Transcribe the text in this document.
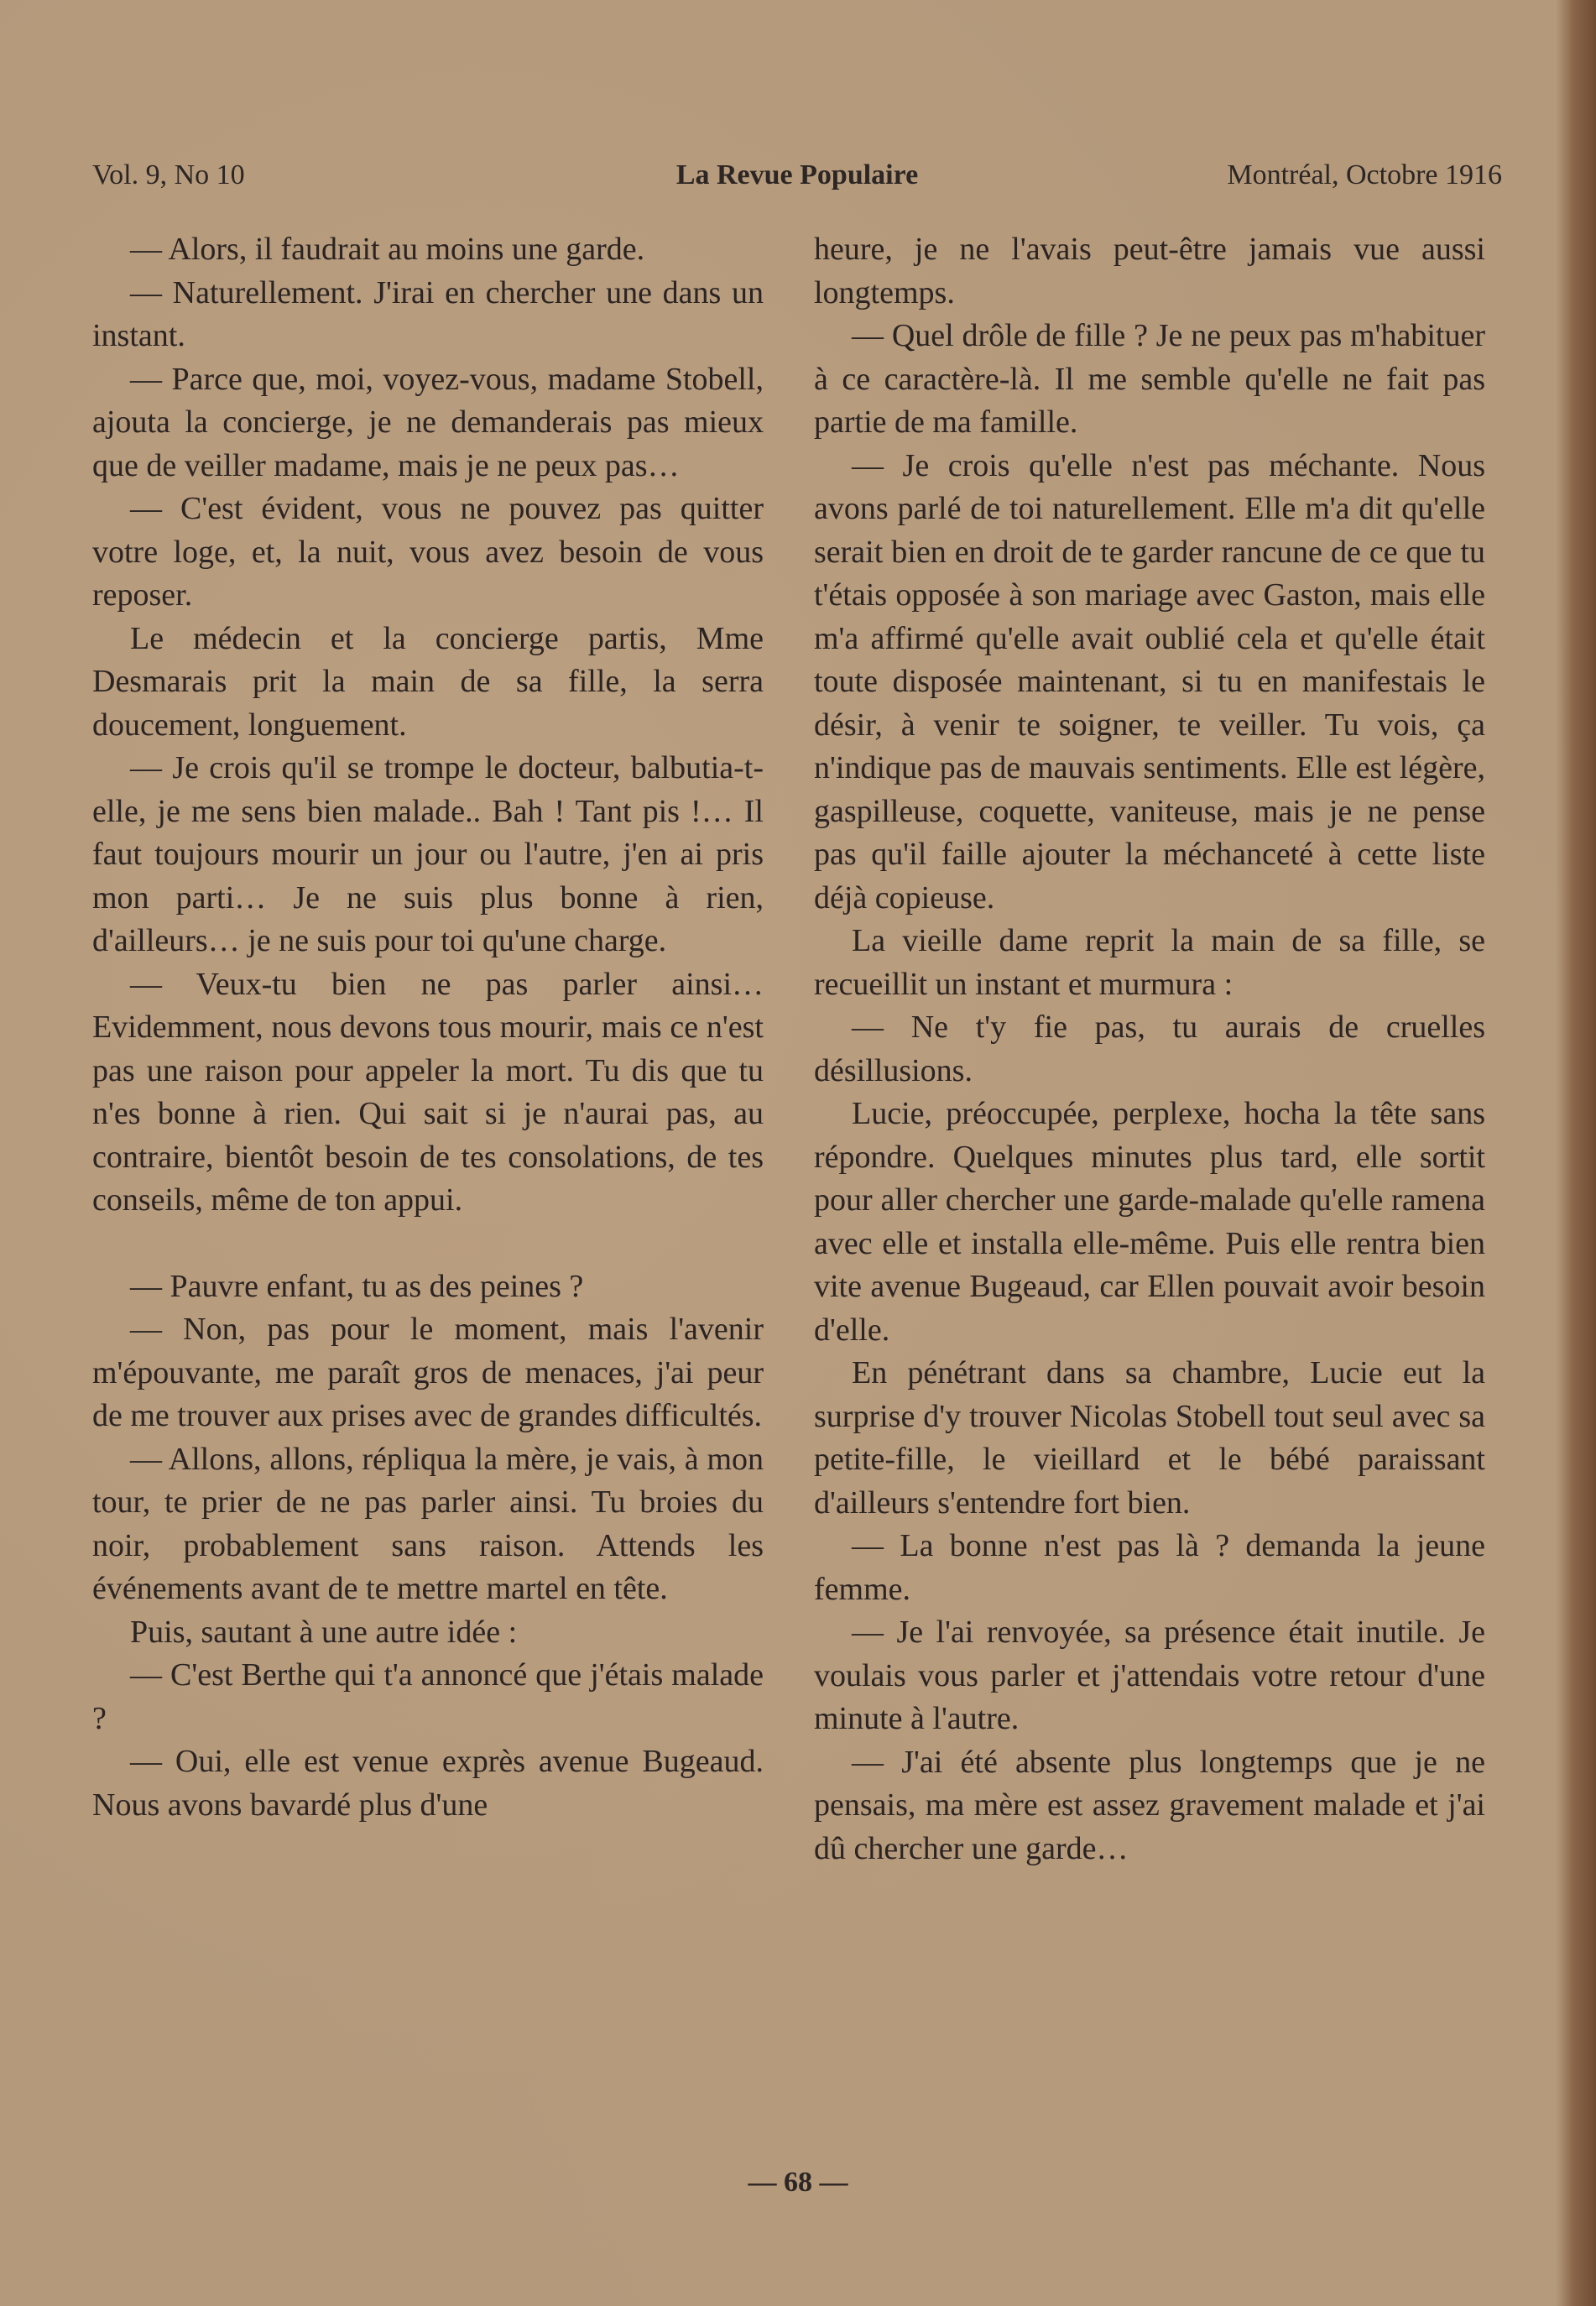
Vol. 9, No 10	La Revue Populaire	Montréal, Octobre 1916

— Alors, il faudrait au moins une garde.

— Naturellement. J'irai en chercher une dans un instant.

— Parce que, moi, voyez-vous, madame Stobell, ajouta la concierge, je ne demanderais pas mieux que de veiller madame, mais je ne peux pas…

— C'est évident, vous ne pouvez pas quitter votre loge, et, la nuit, vous avez besoin de vous reposer.

Le médecin et la concierge partis, Mme Desmarais prit la main de sa fille, la serra doucement, longuement.

— Je crois qu'il se trompe le docteur, balbutia-t-elle, je me sens bien malade.. Bah ! Tant pis !… Il faut toujours mourir un jour ou l'autre, j'en ai pris mon parti… Je ne suis plus bonne à rien, d'ailleurs… je ne suis pour toi qu'une charge.

— Veux-tu bien ne pas parler ainsi… Evidemment, nous devons tous mourir, mais ce n'est pas une raison pour appeler la mort. Tu dis que tu n'es bonne à rien. Qui sait si je n'aurai pas, au contraire, bientôt besoin de tes consolations, de tes conseils, même de ton appui.

— Pauvre enfant, tu as des peines ?

— Non, pas pour le moment, mais l'avenir m'épouvante, me paraît gros de menaces, j'ai peur de me trouver aux prises avec de grandes difficultés.

— Allons, allons, répliqua la mère, je vais, à mon tour, te prier de ne pas parler ainsi. Tu broies du noir, probablement sans raison. Attends les événements avant de te mettre martel en tête.

Puis, sautant à une autre idée :

— C'est Berthe qui t'a annoncé que j'étais malade ?

— Oui, elle est venue exprès avenue Bugeaud. Nous avons bavardé plus d'une

heure, je ne l'avais peut-être jamais vue aussi longtemps.

— Quel drôle de fille ? Je ne peux pas m'habituer à ce caractère-là. Il me semble qu'elle ne fait pas partie de ma famille.

— Je crois qu'elle n'est pas méchante. Nous avons parlé de toi naturellement. Elle m'a dit qu'elle serait bien en droit de te garder rancune de ce que tu t'étais opposée à son mariage avec Gaston, mais elle m'a affirmé qu'elle avait oublié cela et qu'elle était toute disposée maintenant, si tu en manifestais le désir, à venir te soigner, te veiller. Tu vois, ça n'indique pas de mauvais sentiments. Elle est légère, gaspilleuse, coquette, vaniteuse, mais je ne pense pas qu'il faille ajouter la méchanceté à cette liste déjà copieuse.

La vieille dame reprit la main de sa fille, se recueillit un instant et murmura :

— Ne t'y fie pas, tu aurais de cruelles désillusions.

Lucie, préoccupée, perplexe, hocha la tête sans répondre. Quelques minutes plus tard, elle sortit pour aller chercher une garde-malade qu'elle ramena avec elle et installa elle-même. Puis elle rentra bien vite avenue Bugeaud, car Ellen pouvait avoir besoin d'elle.

En pénétrant dans sa chambre, Lucie eut la surprise d'y trouver Nicolas Stobell tout seul avec sa petite-fille, le vieillard et le bébé paraissant d'ailleurs s'entendre fort bien.

— La bonne n'est pas là ? demanda la jeune femme.

— Je l'ai renvoyée, sa présence était inutile. Je voulais vous parler et j'attendais votre retour d'une minute à l'autre.

— J'ai été absente plus longtemps que je ne pensais, ma mère est assez gravement malade et j'ai dû chercher une garde…

— 68 —
